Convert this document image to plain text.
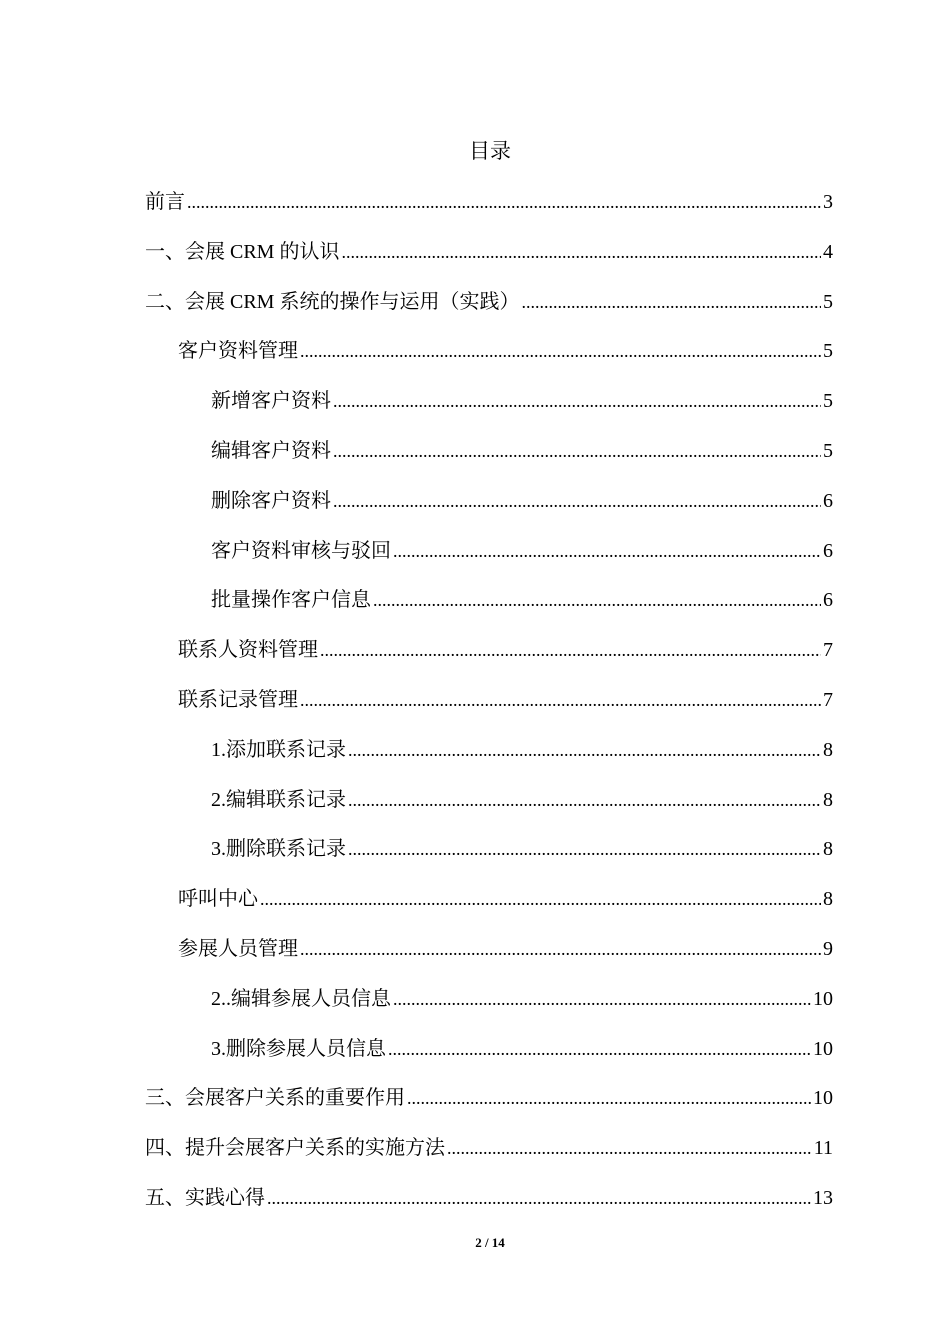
目录
前言 .....	3
一、会展 CRM 的认识 .....	4
二、会展 CRM 系统的操作与运用（实践） .....	5
客户资料管理 .....	5
新增客户资料 .....	5
编辑客户资料 .....	5
删除客户资料 .....	6
客户资料审核与驳回 .....	6
批量操作客户信息 .....	6
联系人资料管理 .....	7
联系记录管理 .....	7
1.添加联系记录 .....	8
2.编辑联系记录 .....	8
3.删除联系记录 .....	8
呼叫中心 .....	8
参展人员管理 .....	9
2..编辑参展人员信息 .....	10
3.删除参展人员信息 .....	10
三、会展客户关系的重要作用 .....	10
四、提升会展客户关系的实施方法 .....	11
五、实践心得 .....	13
2 / 14
